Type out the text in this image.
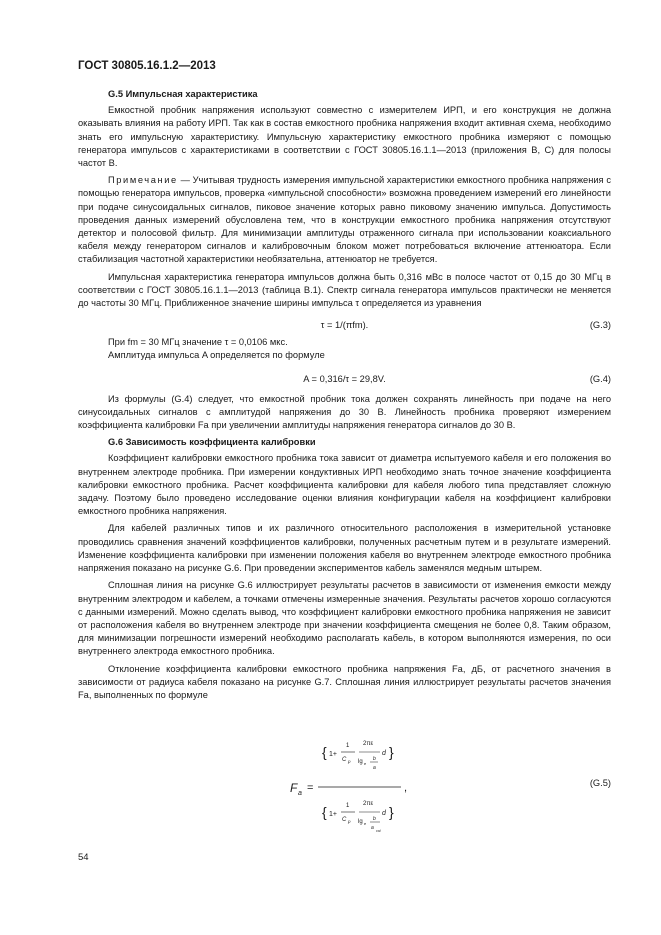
ГОСТ 30805.16.1.2—2013
G.5 Импульсная характеристика

Емкостной пробник напряжения используют совместно с измерителем ИРП, и его конструкция не должна оказывать влияния на работу ИРП. Так как в состав емкостного пробника напряжения входит активная схема, необходимо знать его импульсную характеристику. Импульсную характеристику емкостного пробника измеряют с помощью генератора импульсов с характеристиками в соответствии с ГОСТ 30805.16.1.1—2013 (приложения B, C) для полосы частот B.

Примечание — Учитывая трудность измерения импульсной характеристики емкостного пробника напряжения с помощью генератора импульсов, проверка «импульсной способности» возможна проведением измерений его линейности при подаче синусоидальных сигналов, пиковое значение которых равно пиковому значению импульса. Допустимость проведения данных измерений обусловлена тем, что в конструкции емкостного пробника напряжения отсутствуют детектор и полосовой фильтр. Для минимизации амплитуды отраженного сигнала при использовании коаксиального кабеля между генератором сигналов и калибровочным блоком может потребоваться включение аттенюатора. Если стабилизация частотной характеристики необязательна, аттенюатор не требуется.

Импульсная характеристика генератора импульсов должна быть 0,316 мВс в полосе частот от 0,15 до 30 МГц в соответствии с ГОСТ 30805.16.1.1—2013 (таблица B.1). Спектр сигнала генератора импульсов практически не меняется до частоты 30 МГц. Приближенное значение ширины импульса τ определяется из уравнения

τ = 1/(πfm).	(G.3)
При fm = 30 МГц значение τ = 0,0106 мкс.
Амплитуда импульса A определяется по формуле
A = 0,316/τ = 29,8V.	(G.4)

Из формулы (G.4) следует, что емкостной пробник тока должен сохранять линейность при подаче на него синусоидальных сигналов с амплитудой напряжения до 30 В. Линейность пробника проверяют измерением коэффициента калибровки Fa при увеличении амплитуды напряжения генератора сигналов до 30 В.

G.6 Зависимость коэффициента калибровки

Коэффициент калибровки емкостного пробника тока зависит от диаметра испытуемого кабеля и его положения во внутреннем электроде пробника. При измерении кондуктивных ИРП необходимо знать точное значение коэффициента калибровки емкостного пробника. Расчет коэффициента калибровки для кабеля любого типа представляет сложную задачу. Поэтому было проведено исследование оценки влияния конфигурации кабеля на коэффициент калибровки емкостного пробника напряжения.

Для кабелей различных типов и их различного относительного расположения в измерительной установке проводились сравнения значений коэффициентов калибровки, полученных расчетным путем и в результате измерений. Изменение коэффициента калибровки при изменении положения кабеля во внутреннем электроде емкостного пробника напряжения показано на рисунке G.6. При проведении экспериментов кабель заменялся медным штырем.

Сплошная линия на рисунке G.6 иллюстрирует результаты расчетов в зависимости от изменения емкости между внутренним электродом и кабелем, а точками отмечены измеренные значения. Результаты расчетов хорошо согласуются с данными измерений. Можно сделать вывод, что коэффициент калибровки емкостного пробника напряжения не зависит от расположения кабеля во внутреннем электроде при значении коэффициента смещения не более 0,8. Таким образом, для минимизации погрешности измерений необходимо располагать кабель, в котором выполняются измерения, по оси внутреннего электрода емкостного пробника.

Отклонение коэффициента калибровки емкостного пробника напряжения Fa, дБ, от расчетного значения в зависимости от радиуса кабеля показано на рисунке G.7. Сплошная линия иллюстрирует результаты расчетов значения Fa, выполненных по формуле

F a =
{	}
1+
1
C p
2πε
lg e
b
a
d
{	}
1+
1
C p
2πε
lg e
b
a cal
d
,	(G.5)
54
